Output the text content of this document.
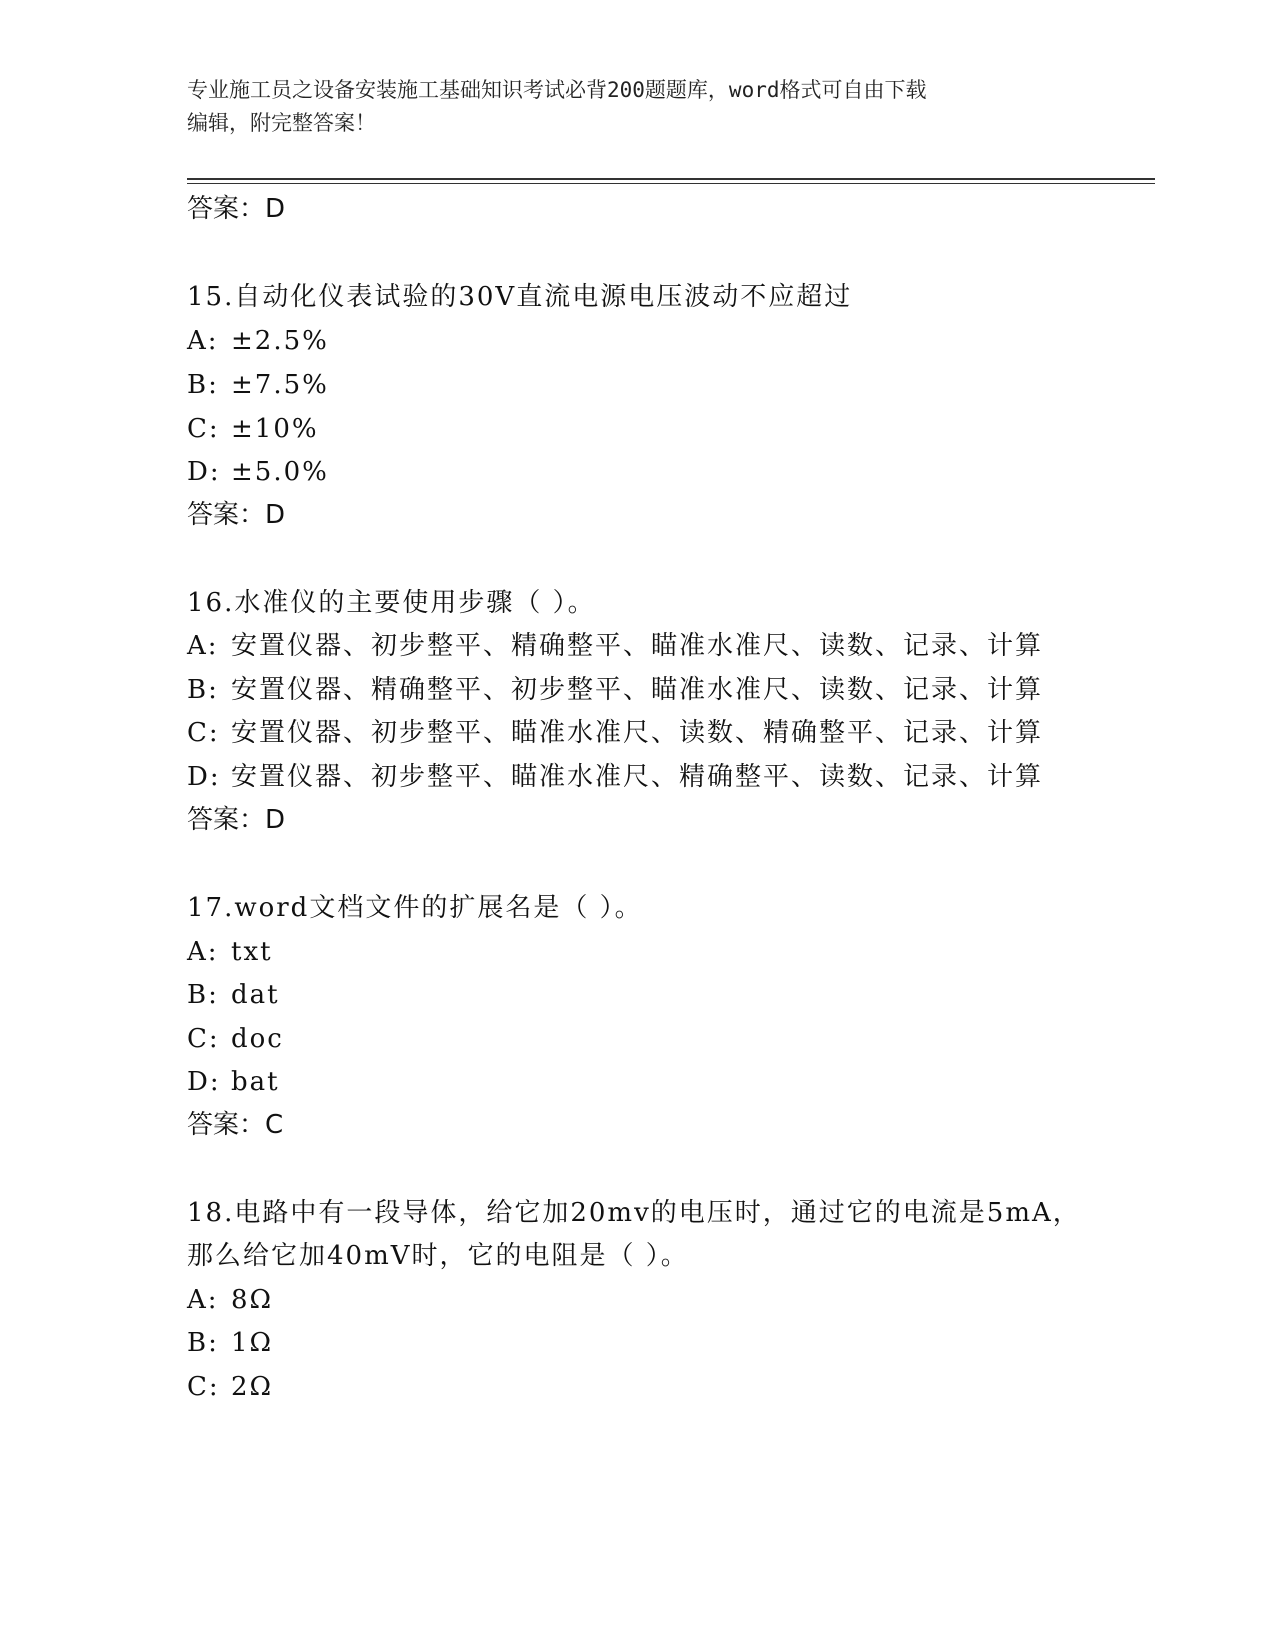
专业施工员之设备安装施工基础知识考试必背200题题库，word格式可自由下载
编辑，附完整答案！
答案：D
15.自动化仪表试验的30V直流电源电压波动不应超过
A: ±2.5%
B: ±7.5%
C: ±10%
D: ±5.0%
答案：D
16.水准仪的主要使用步骤（ ）。
A: 安置仪器、初步整平、精确整平、瞄准水准尺、读数、记录、计算
B: 安置仪器、精确整平、初步整平、瞄准水准尺、读数、记录、计算
C: 安置仪器、初步整平、瞄准水准尺、读数、精确整平、记录、计算
D: 安置仪器、初步整平、瞄准水准尺、精确整平、读数、记录、计算
答案：D
17.word文档文件的扩展名是（ ）。
A: txt
B: dat
C: doc
D: bat
答案：C
18.电路中有一段导体，给它加20mv的电压时，通过它的电流是5mA，
那么给它加40mV时，它的电阻是（ ）。
A: 8Ω
B: 1Ω
C: 2Ω
